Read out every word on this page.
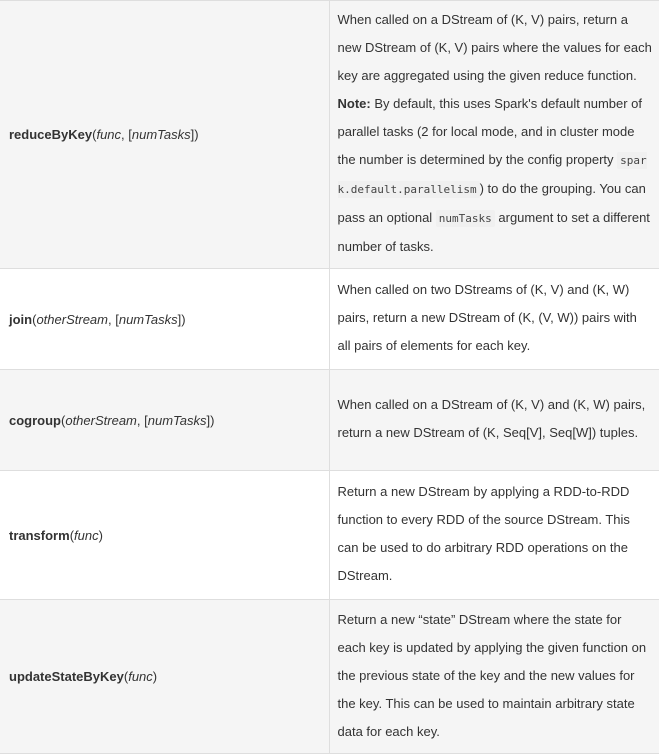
reduceByKey(func, [numTasks])	When called on a DStream of (K, V) pairs, return a new DStream of (K, V) pairs where the values for each key are aggregated using the given reduce function. Note: By default, this uses Spark's default number of parallel tasks (2 for local mode, and in cluster mode the number is determined by the config property spark.default.parallelism ) to do the grouping. You can pass an optional numTasks argument to set a different number of tasks.
join(otherStream, [numTasks])	When called on two DStreams of (K, V) and (K, W) pairs, return a new DStream of (K, (V, W)) pairs with all pairs of elements for each key.
cogroup(otherStream, [numTasks])	When called on a DStream of (K, V) and (K, W) pairs, return a new DStream of (K, Seq[V], Seq[W]) tuples.
transform(func)	Return a new DStream by applying a RDD-to-RDD function to every RDD of the source DStream. This can be used to do arbitrary RDD operations on the DStream.
updateStateByKey(func)	Return a new “state” DStream where the state for each key is updated by applying the given function on the previous state of the key and the new values for the key. This can be used to maintain arbitrary state data for each key.
